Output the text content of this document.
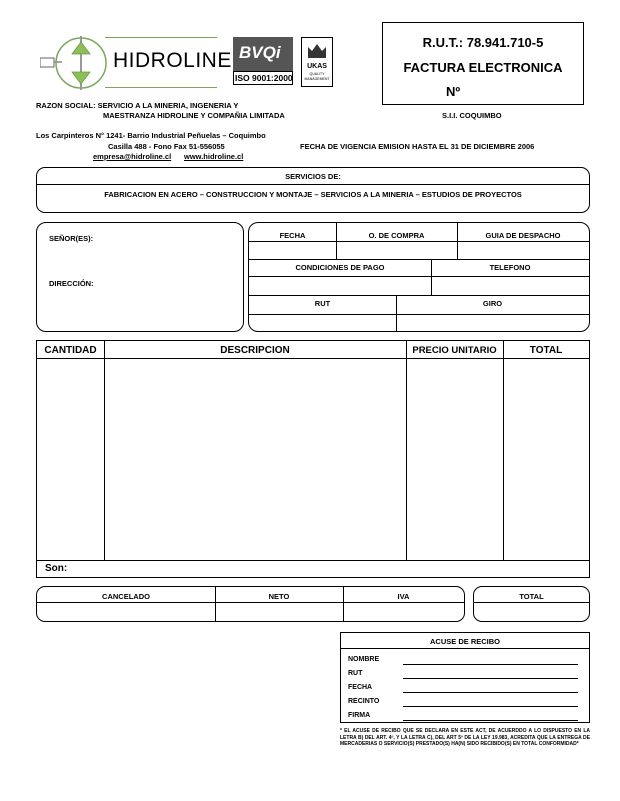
HIDROLINE BVQi
ISO 9001:2000
UKAS
QUALITY
MANAGEMENT
R.U.T.: 78.941.710-5
FACTURA ELECTRONICA
Nº
S.I.I. COQUIMBO
RAZON SOCIAL: SERVICIO A LA MINERIA, INGENERIA Y
MAESTRANZA HIDROLINE Y COMPAÑIA LIMITADA
Los Carpinteros N° 1241- Barrio Industrial Peñuelas – Coquimbo
Casilla 488 - Fono Fax 51-556055
empresa@hidroline.cl www.hidroline.cl
FECHA DE VIGENCIA EMISION HASTA EL 31 DE DICIEMBRE 2006
SERVICIOS DE:
FABRICACION EN ACERO – CONSTRUCCION Y MONTAJE – SERVICIOS A LA MINERIA – ESTUDIOS DE PROYECTOS
SEÑOR(ES):
DIRECCIÓN:
FECHA	O. DE COMPRA	GUIA DE DESPACHO
CONDICIONES DE PAGO	TELEFONO
RUT	GIRO
CANTIDAD	DESCRIPCION	PRECIO UNITARIO	TOTAL
Son:
CANCELADO	NETO	IVA	TOTAL
ACUSE DE RECIBO
NOMBRE
RUT
FECHA
RECINTO
FIRMA
* EL ACUSE DE RECIBO QUE SE DECLARA EN ESTE ACT, DE ACUERDDO A LO DISPUESTO EN LA LETRA B) DEL ART. 4º, Y LA LETRA C), DEL ART 5º DE LA LEY 19.983, ACREDITA QUE LA ENTREGA DE MERCADERIAS O SERVICIO(S) PRESTADO(S) HA(N) SIDO RECIBIDO(S) EN TOTAL CONFORMIDAD*
